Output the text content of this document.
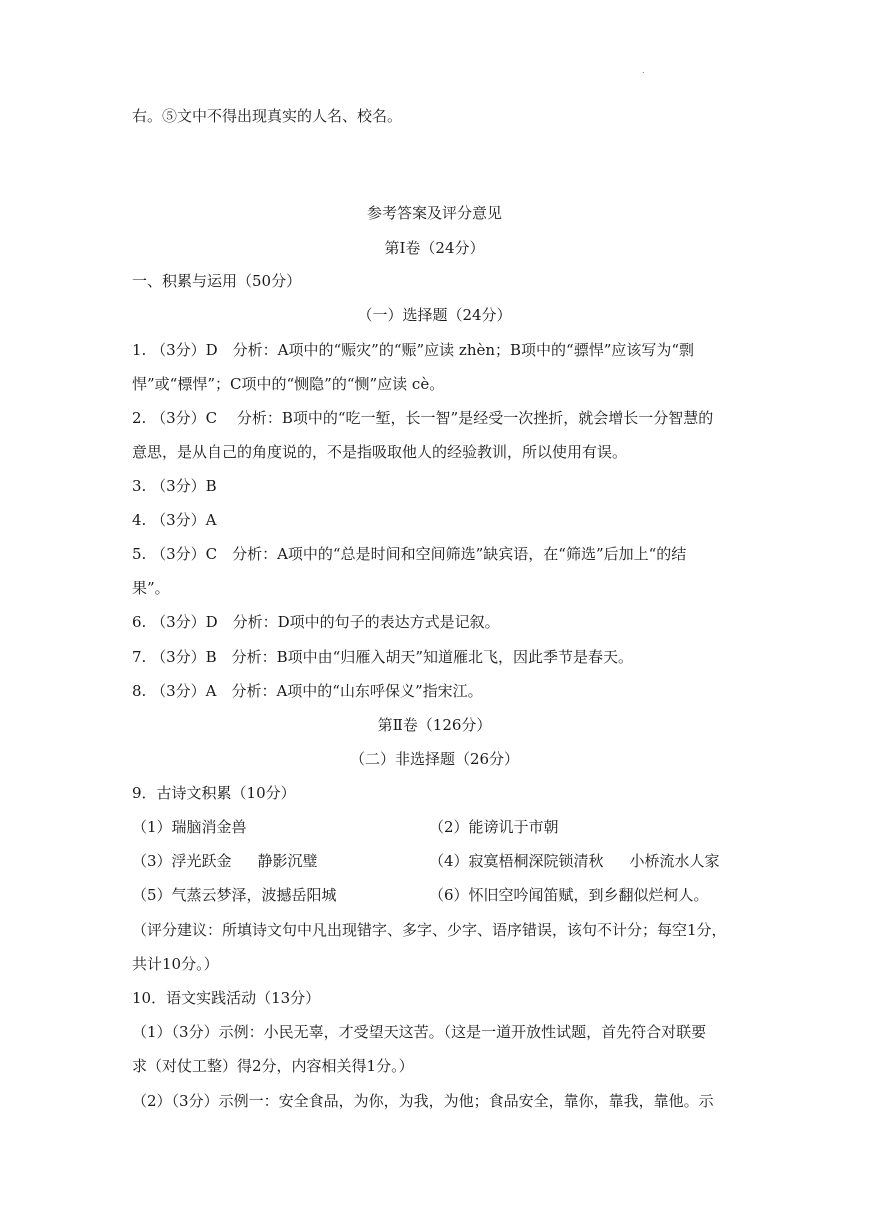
.
右。⑤文中不得出现真实的人名、校名。
参考答案及评分意见
第Ⅰ卷（24分）
一、积累与运用（50分）
（一）选择题（24分）
1. （3分）D　分析：A项中的“赈灾”的“赈”应读 zhèn；B项中的“骠悍”应该写为“剽
悍”或“標悍”；C项中的“恻隐”的“恻”应读 cè。
2. （3分）C　 分析：B项中的“吃一堑，长一智”是经受一次挫折，就会增长一分智慧的
意思，是从自己的角度说的，不是指吸取他人的经验教训，所以使用有误。
3. （3分）B
4. （3分）A
5. （3分）C　分析：A项中的“总是时间和空间筛选”缺宾语，在“筛选”后加上“的结
果”。
6. （3分）D　分析：D项中的句子的表达方式是记叙。
7. （3分）B　分析：B项中由“归雁入胡天”知道雁北飞，因此季节是春天。
8. （3分）A　分析：A项中的“山东呼保义”指宋江。
第Ⅱ卷（126分）
（二）非选择题（26分）
9．古诗文积累（10分）
（1）瑞脑消金兽	（2）能谤讥于市朝
（3）浮光跃金 静影沉璧	（4）寂寞梧桐深院锁清秋 小桥流水人家
（5）气蒸云梦泽，波撼岳阳城	（6）怀旧空吟闻笛赋，到乡翻似烂柯人。
（评分建议：所填诗文句中凡出现错字、多字、少字、语序错误，该句不计分；每空1分，
共计10分。）
10．语文实践活动（13分）
（1）（3分）示例：小民无辜，才受望天这苦。（这是一道开放性试题，首先符合对联要
求（对仗工整）得2分，内容相关得1分。）
（2）（3分）示例一：安全食品，为你，为我，为他；食品安全，靠你，靠我，靠他。示
